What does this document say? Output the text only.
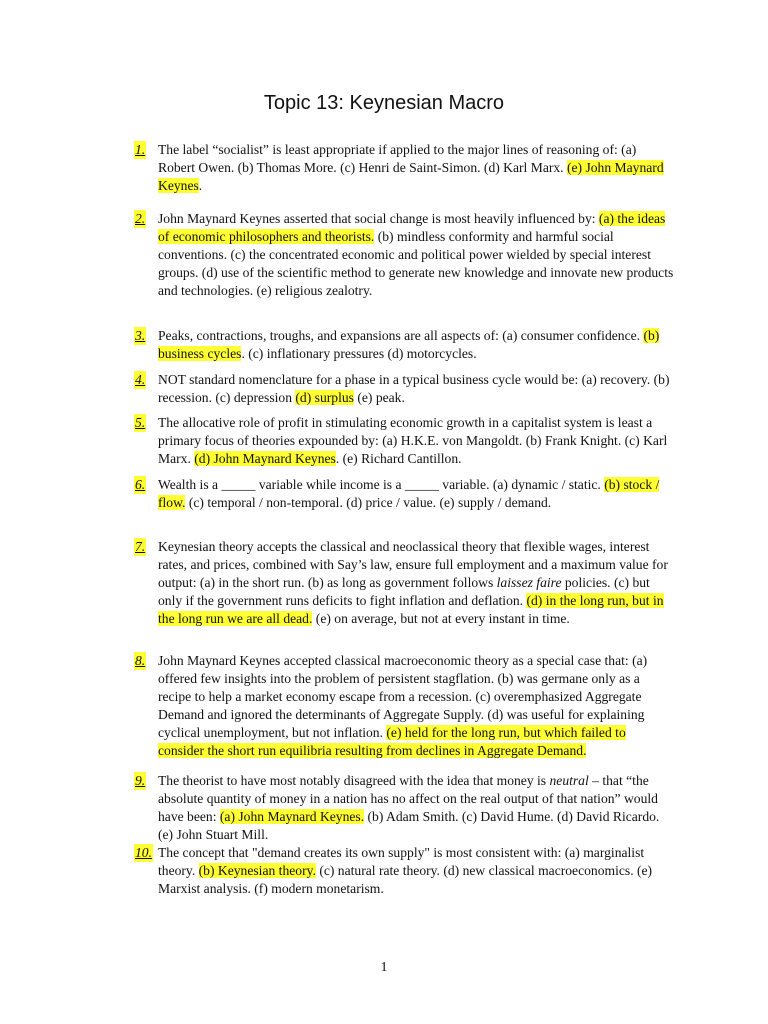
Topic 13: Keynesian Macro
1. The label “socialist” is least appropriate if applied to the major lines of reasoning of: (a) Robert Owen. (b) Thomas More. (c) Henri de Saint-Simon. (d) Karl Marx. (e) John Maynard Keynes.
2. John Maynard Keynes asserted that social change is most heavily influenced by: (a) the ideas of economic philosophers and theorists. (b) mindless conformity and harmful social conventions. (c) the concentrated economic and political power wielded by special interest groups. (d) use of the scientific method to generate new knowledge and innovate new products and technologies. (e) religious zealotry.
3. Peaks, contractions, troughs, and expansions are all aspects of: (a) consumer confidence. (b) business cycles. (c) inflationary pressures (d) motorcycles.
4. NOT standard nomenclature for a phase in a typical business cycle would be: (a) recovery. (b) recession. (c) depression (d) surplus (e) peak.
5. The allocative role of profit in stimulating economic growth in a capitalist system is least a primary focus of theories expounded by: (a) H.K.E. von Mangoldt. (b) Frank Knight. (c) Karl Marx. (d) John Maynard Keynes. (e) Richard Cantillon.
6. Wealth is a _____ variable while income is a _____ variable. (a) dynamic / static. (b) stock / flow. (c) temporal / non-temporal. (d) price / value. (e) supply / demand.
7. Keynesian theory accepts the classical and neoclassical theory that flexible wages, interest rates, and prices, combined with Say’s law, ensure full employment and a maximum value for output: (a) in the short run. (b) as long as government follows laissez faire policies. (c) but only if the government runs deficits to fight inflation and deflation. (d) in the long run, but in the long run we are all dead. (e) on average, but not at every instant in time.
8. John Maynard Keynes accepted classical macroeconomic theory as a special case that: (a) offered few insights into the problem of persistent stagflation. (b) was germane only as a recipe to help a market economy escape from a recession. (c) overemphasized Aggregate Demand and ignored the determinants of Aggregate Supply. (d) was useful for explaining cyclical unemployment, but not inflation. (e) held for the long run, but which failed to consider the short run equilibria resulting from declines in Aggregate Demand.
9. The theorist to have most notably disagreed with the idea that money is neutral – that “the absolute quantity of money in a nation has no affect on the real output of that nation” would have been: (a) John Maynard Keynes. (b) Adam Smith. (c) David Hume. (d) David Ricardo. (e) John Stuart Mill.
10. The concept that "demand creates its own supply" is most consistent with: (a) marginalist theory. (b) Keynesian theory. (c) natural rate theory. (d) new classical macroeconomics. (e) Marxist analysis. (f) modern monetarism.
1
